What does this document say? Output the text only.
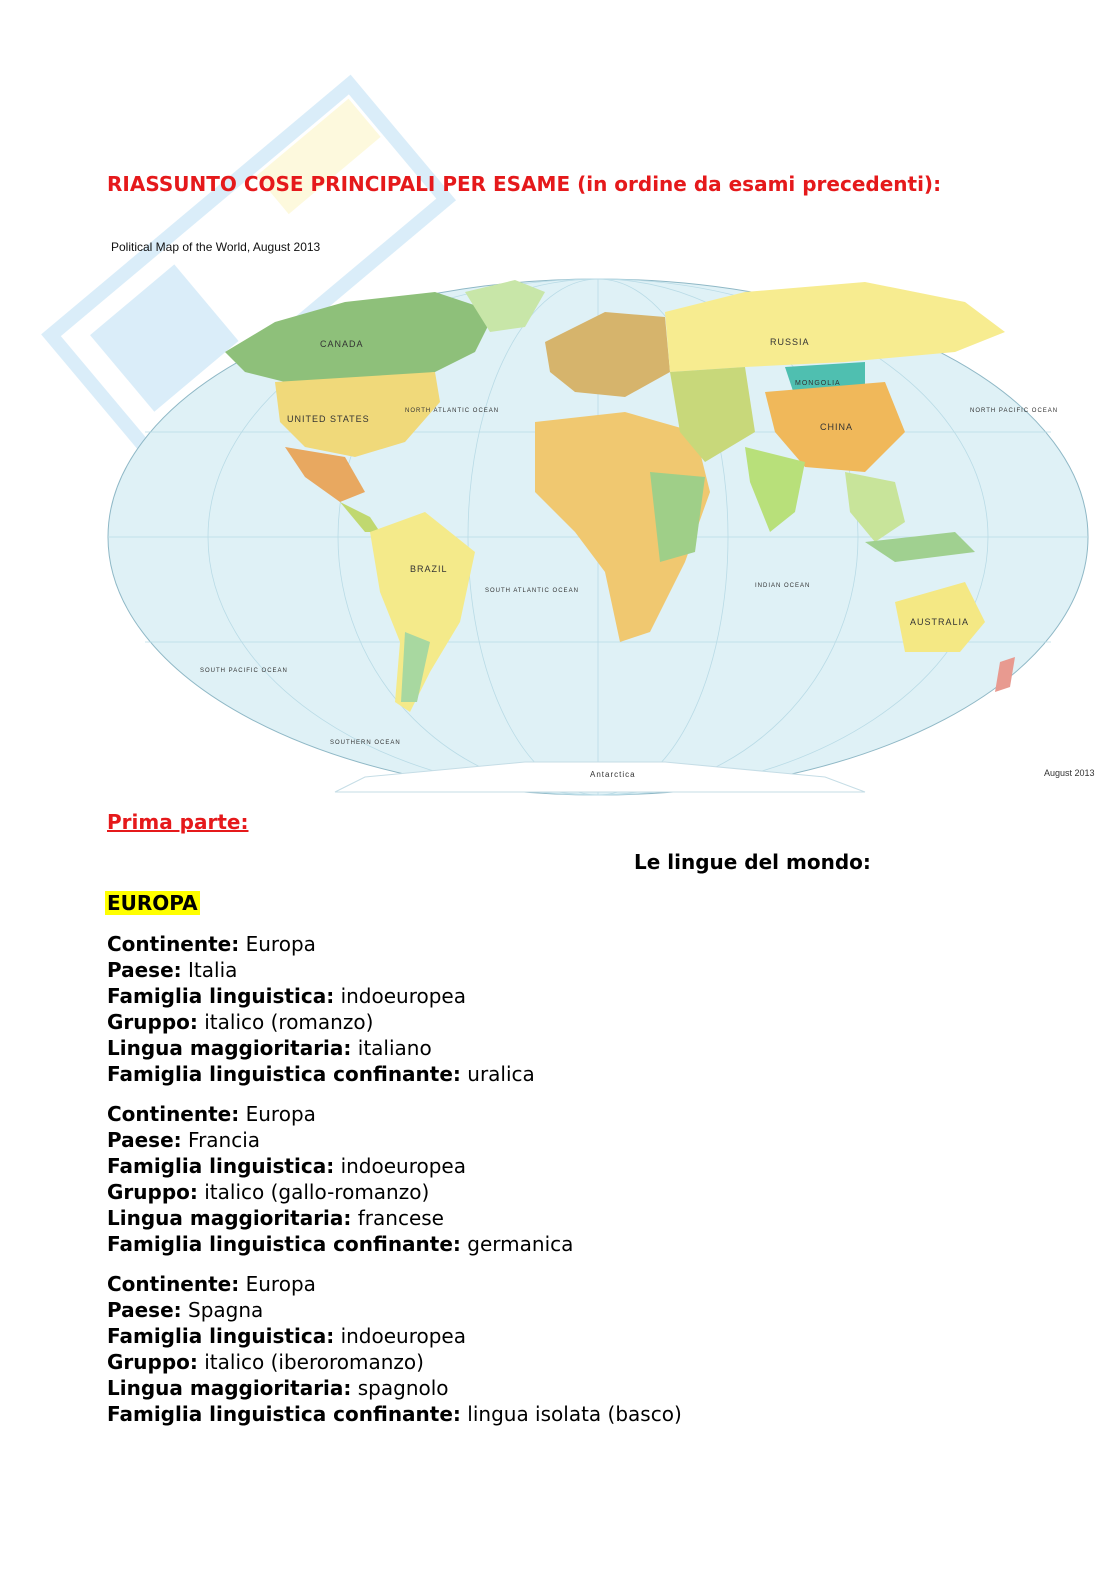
RIASSUNTO COSE PRINCIPALI PER ESAME (in ordine da esami precedenti):
CANADA
UNITED STATES
BRAZIL
RUSSIA
MONGOLIA
CHINA
AUSTRALIA
Antarctica
NORTH ATLANTIC OCEAN
SOUTH ATLANTIC OCEAN
INDIAN OCEAN
NORTH PACIFIC OCEAN
SOUTH PACIFIC OCEAN
SOUTHERN OCEAN

Political Map of the World, August 2013

August 2013
Prima parte:
Le lingue del mondo:
EUROPA
Continente: Europa
Paese: Italia
Famiglia linguistica: indoeuropea
Gruppo: italico (romanzo)
Lingua maggioritaria: italiano
Famiglia linguistica confinante: uralica
Continente: Europa
Paese: Francia
Famiglia linguistica: indoeuropea
Gruppo: italico (gallo-romanzo)
Lingua maggioritaria: francese
Famiglia linguistica confinante: germanica
Continente: Europa
Paese: Spagna
Famiglia linguistica: indoeuropea
Gruppo: italico (iberoromanzo)
Lingua maggioritaria: spagnolo
Famiglia linguistica confinante: lingua isolata (basco)
